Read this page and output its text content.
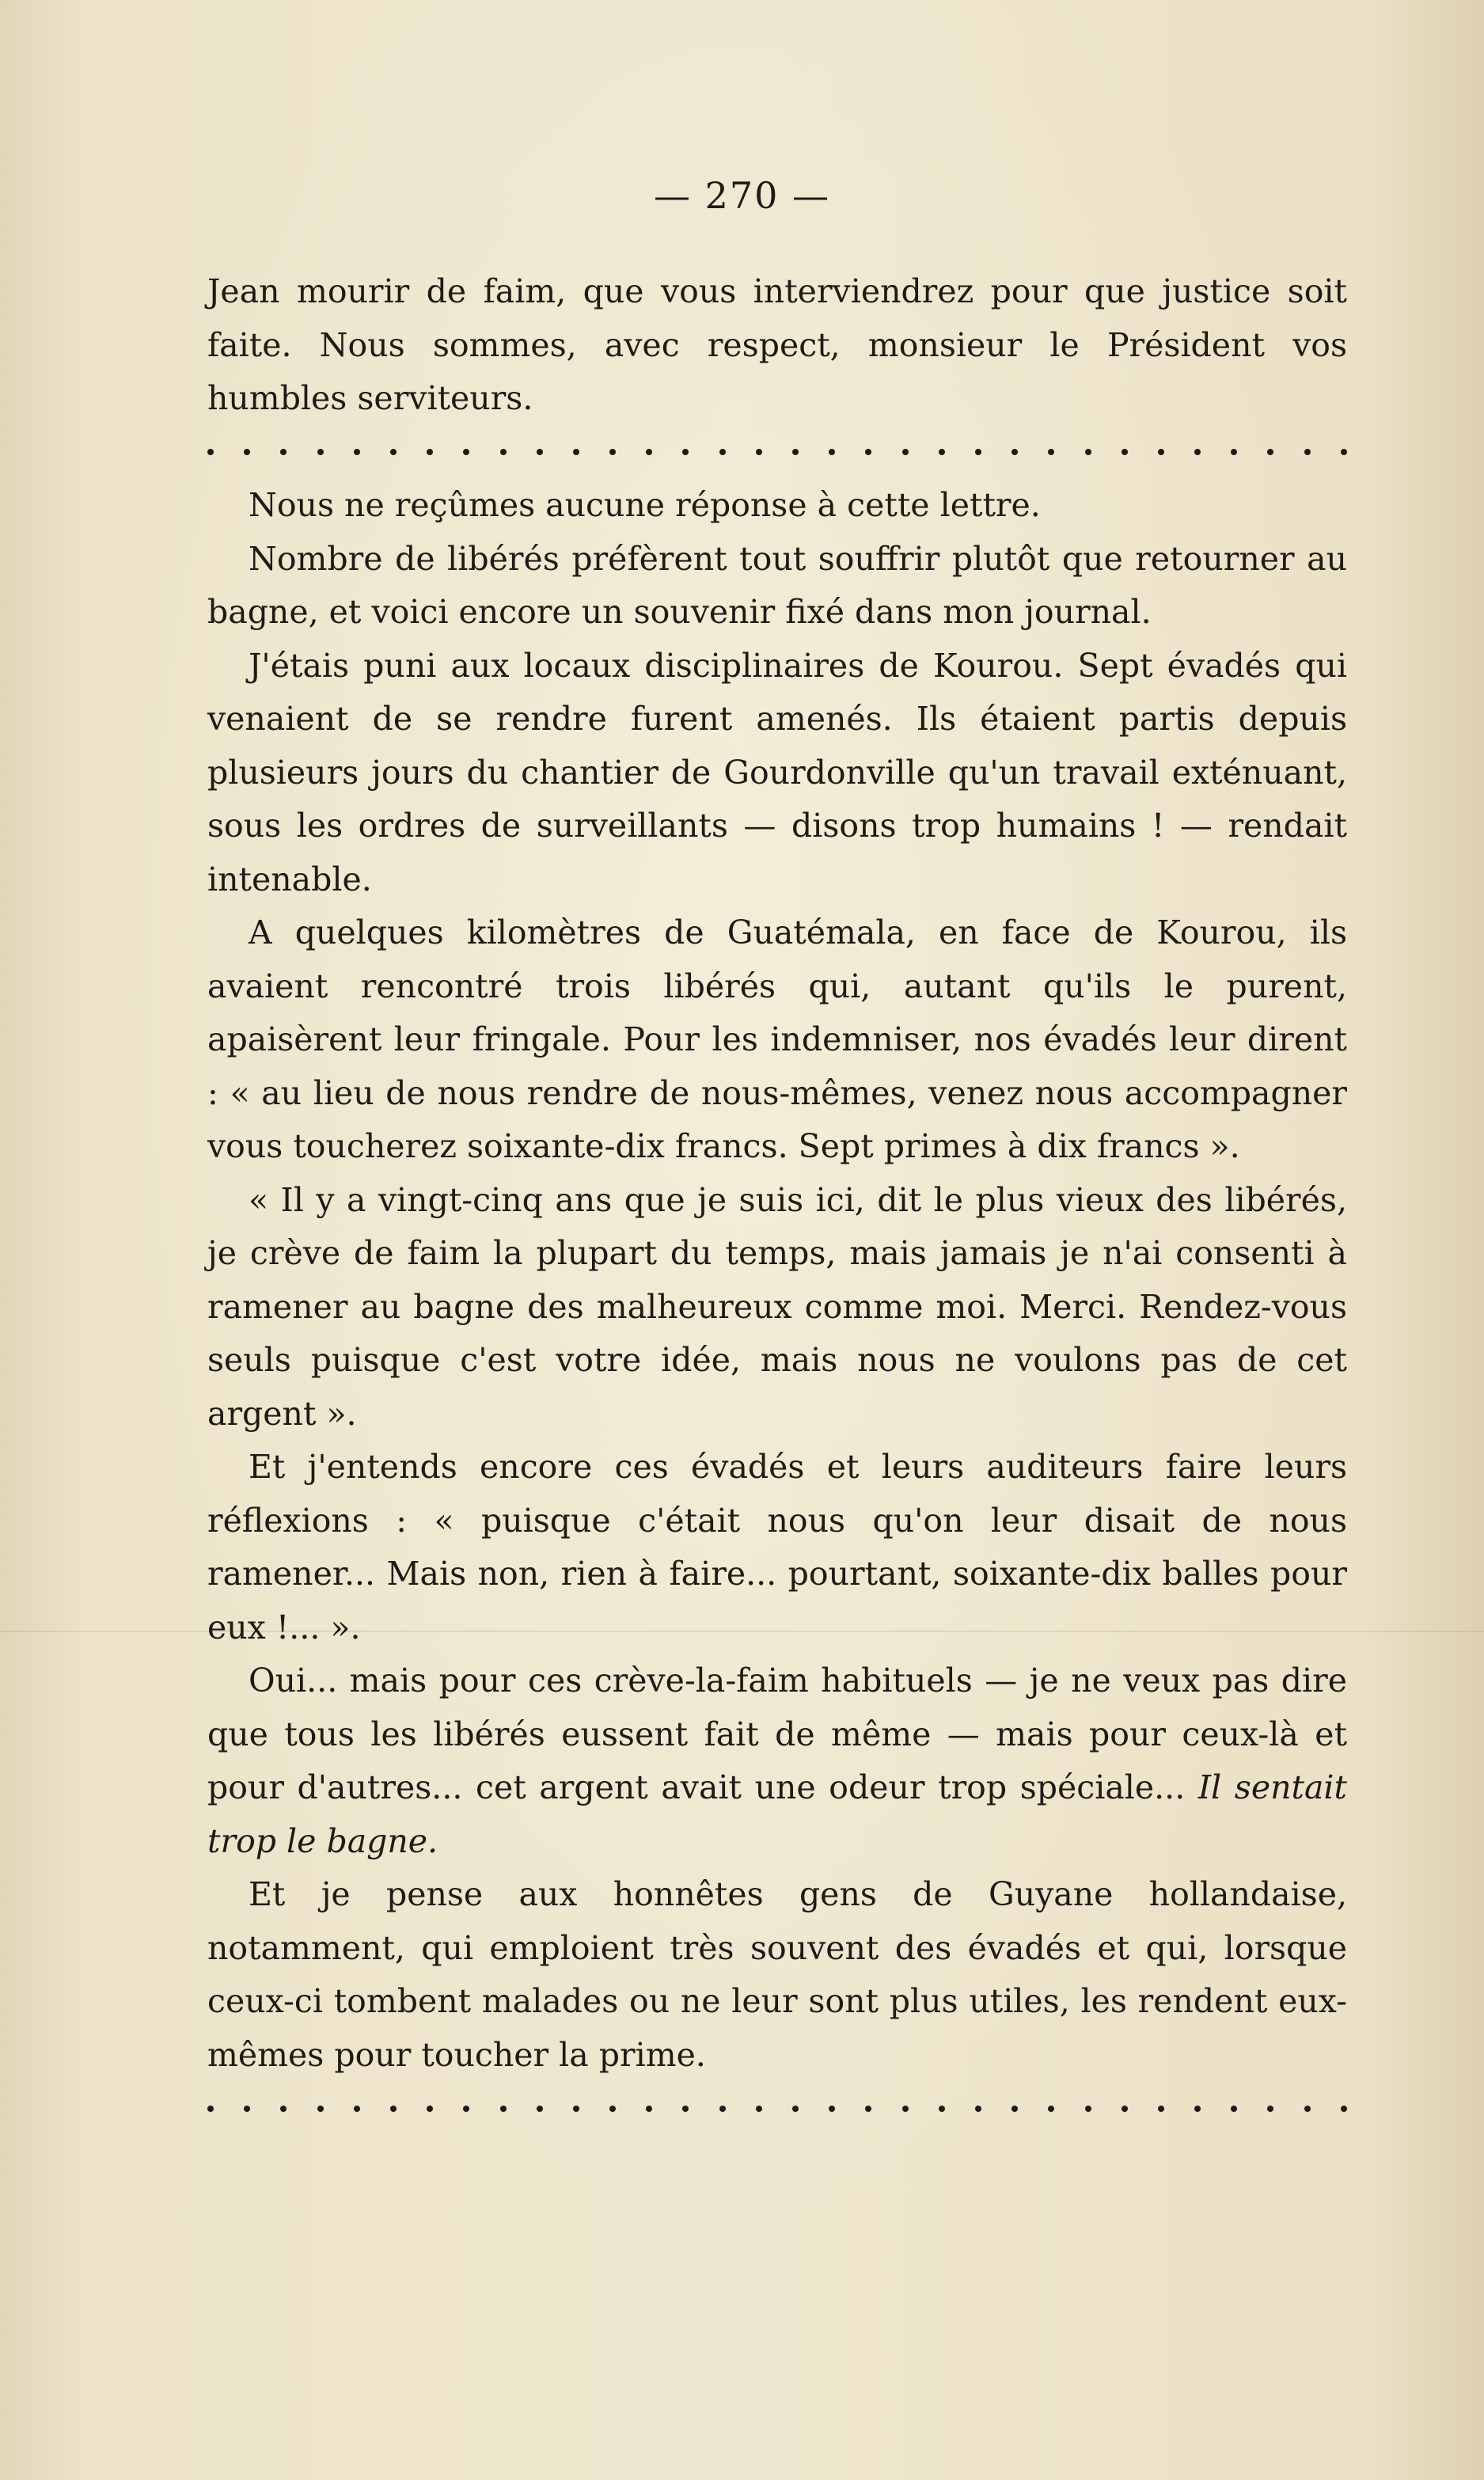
— 270 —

Jean mourir de faim, que vous interviendrez pour que justice soit faite. Nous sommes, avec respect, monsieur le Président vos humbles serviteurs.

Nous ne reçûmes aucune réponse à cette lettre.

Nombre de libérés préfèrent tout souffrir plutôt que retourner au bagne, et voici encore un souvenir fixé dans mon journal.

J'étais puni aux locaux disciplinaires de Kourou. Sept évadés qui venaient de se rendre furent amenés. Ils étaient partis depuis plusieurs jours du chantier de Gourdonville qu'un travail exténuant, sous les ordres de surveillants — disons trop humains ! — rendait intenable.

A quelques kilomètres de Guatémala, en face de Kourou, ils avaient rencontré trois libérés qui, autant qu'ils le purent, apaisèrent leur fringale. Pour les indemniser, nos évadés leur dirent : « au lieu de nous rendre de nous-mêmes, venez nous accompagner vous toucherez soixante-dix francs. Sept primes à dix francs ».

« Il y a vingt-cinq ans que je suis ici, dit le plus vieux des libérés, je crève de faim la plupart du temps, mais jamais je n'ai consenti à ramener au bagne des malheureux comme moi. Merci. Rendez-vous seuls puisque c'est votre idée, mais nous ne voulons pas de cet argent ».

Et j'entends encore ces évadés et leurs auditeurs faire leurs réflexions : « puisque c'était nous qu'on leur disait de nous ramener... Mais non, rien à faire... pourtant, soixante-dix balles pour eux !... ».

Oui... mais pour ces crève-la-faim habituels — je ne veux pas dire que tous les libérés eussent fait de même — mais pour ceux-là et pour d'autres... cet argent avait une odeur trop spéciale... Il sentait trop le bagne.

Et je pense aux honnêtes gens de Guyane hollandaise, notamment, qui emploient très souvent des évadés et qui, lorsque ceux-ci tombent malades ou ne leur sont plus utiles, les rendent eux-mêmes pour toucher la prime.
